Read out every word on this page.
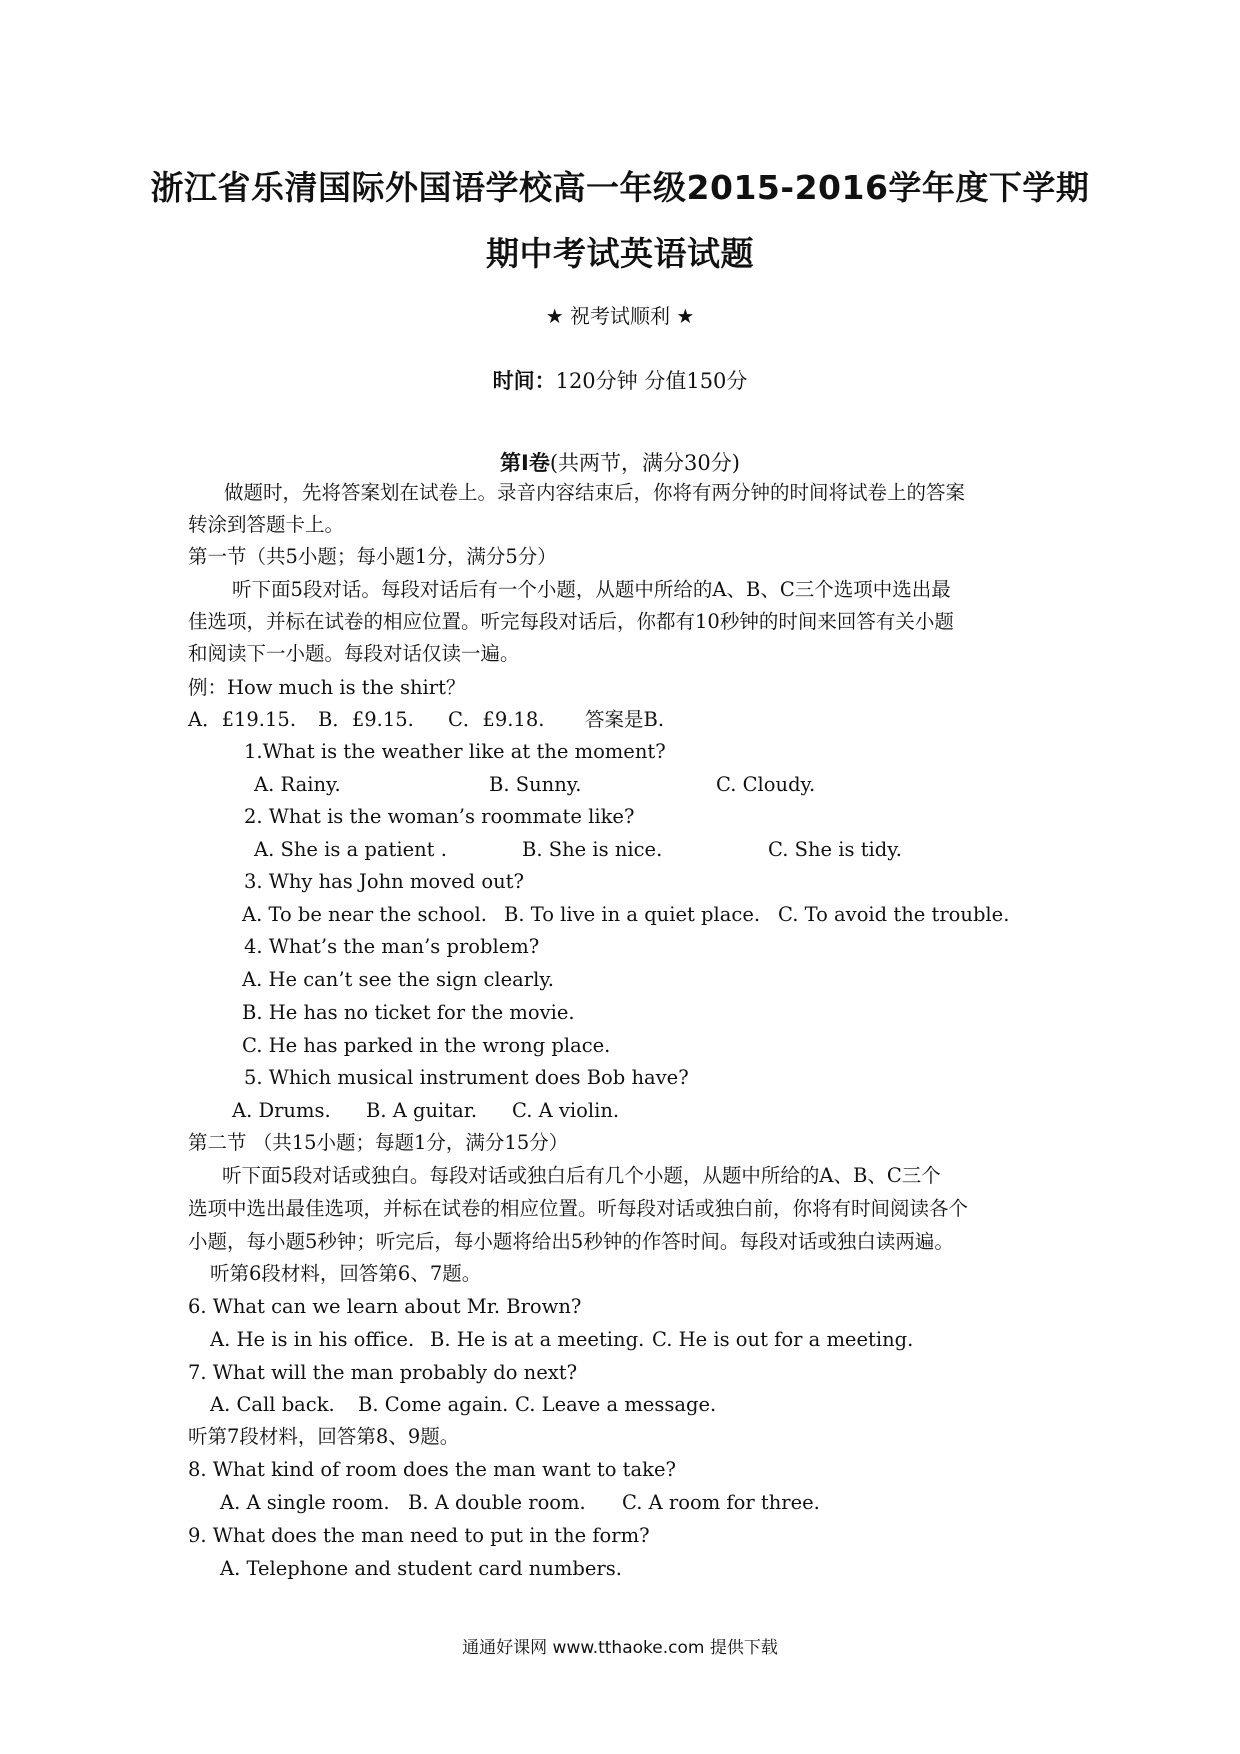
浙江省乐清国际外国语学校高一年级2015-2016学年度下学期
期中考试英语试题
★ 祝考试顺利 ★
时间：120分钟 分值150分
第Ⅰ卷(共两节，满分30分)
做题时，先将答案划在试卷上。录音内容结束后，你将有两分钟的时间将试卷上的答案
转涂到答题卡上。
第一节（共5小题；每小题1分，满分5分）
听下面5段对话。每段对话后有一个小题，从题中所给的A、B、C三个选项中选出最
佳选项，并标在试卷的相应位置。听完每段对话后，你都有10秒钟的时间来回答有关小题
和阅读下一小题。每段对话仅读一遍。
例：How much is the shirt？
A．£19.15. B．£9.15. C．£9.18. 答案是B.
1.What is the weather like at the moment?
A. Rainy.	B. Sunny.	C. Cloudy.
2. What is the woman’s roommate like?
A. She is a patient .	B. She is nice.	C. She is tidy.
3. Why has John moved out?
A. To be near the school. B. To live in a quiet place. C. To avoid the trouble.
4. What’s the man’s problem?
A. He can’t see the sign clearly.
B. He has no ticket for the movie.
C. He has parked in the wrong place.
5. Which musical instrument does Bob have?
A. Drums. B. A guitar. C. A violin.
第二节 （共15小题；每题1分，满分15分）
听下面5段对话或独白。每段对话或独白后有几个小题，从题中所给的A、B、C三个
选项中选出最佳选项，并标在试卷的相应位置。听每段对话或独白前，你将有时间阅读各个
小题，每小题5秒钟；听完后，每小题将给出5秒钟的作答时间。每段对话或独白读两遍。
听第6段材料，回答第6、7题。
6. What can we learn about Mr. Brown?
A. He is in his office. B. He is at a meeting. C. He is out for a meeting.
7. What will the man probably do next?
A. Call back. B. Come again. C. Leave a message.
听第7段材料，回答第8、9题。
8. What kind of room does the man want to take?
A. A single room. B. A double room. C. A room for three.
9. What does the man need to put in the form?
A. Telephone and student card numbers.
通通好课网 www.tthaoke.com 提供下载
